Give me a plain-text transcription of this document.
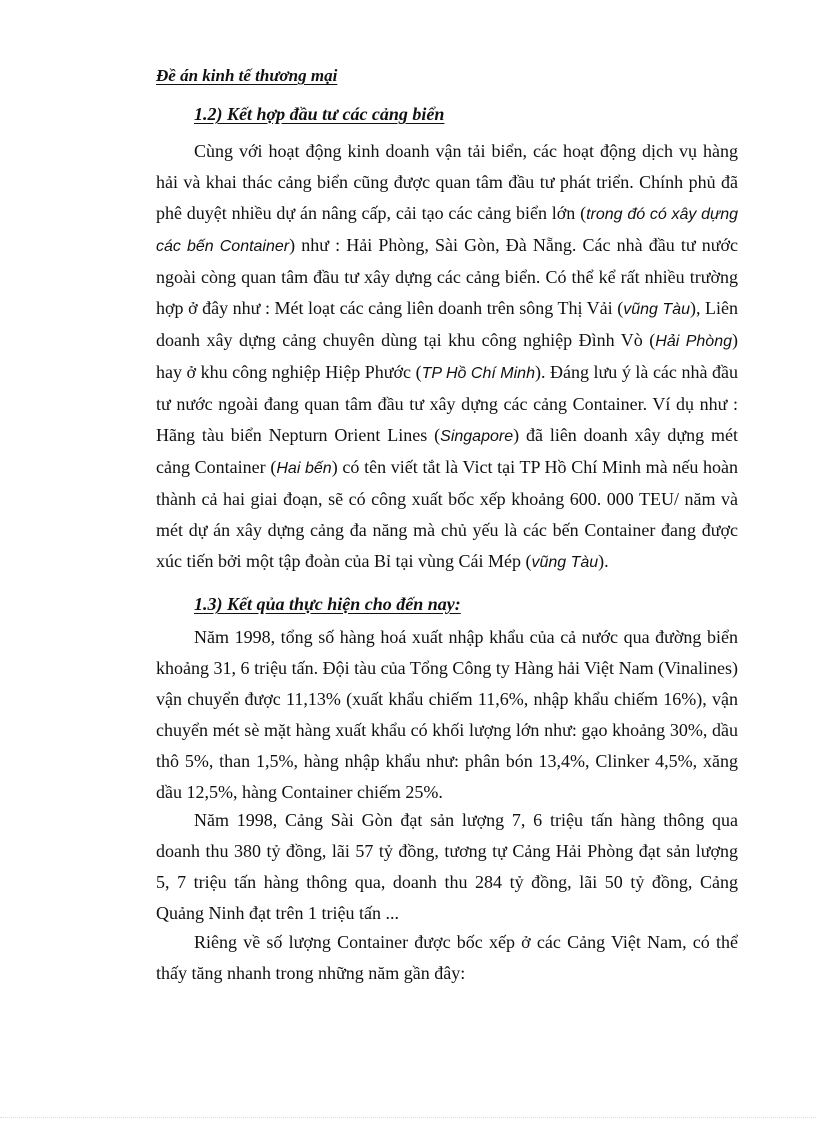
Đề án kinh tế thương mại
1.2) Kết hợp đầu tư các cảng biển

Cùng với hoạt động kinh doanh vận tải biển, các hoạt động dịch vụ hàng hải và khai thác cảng biển cũng được quan tâm đầu tư phát triển. Chính phủ đã phê duyệt nhiều dự án nâng cấp, cải tạo các cảng biển lớn (trong đó có xây dựng các bến Container) như : Hải Phòng, Sài Gòn, Đà Nẵng. Các nhà đầu tư nước ngoài còng quan tâm đầu tư xây dựng các cảng biển. Có thể kể rất nhiều trường hợp ở đây như : Mét loạt các cảng liên doanh trên sông Thị Vải (vũng Tàu), Liên doanh xây dựng cảng chuyên dùng tại khu công nghiệp Đình Vò (Hải Phòng) hay ở khu công nghiệp Hiệp Phước (TP Hồ Chí Minh). Đáng lưu ý là các nhà đầu tư nước ngoài đang quan tâm đầu tư xây dựng các cảng Container. Ví dụ như : Hãng tàu biển Nepturn Orient Lines (Singapore) đã liên doanh xây dựng mét cảng Container (Hai bến) có tên viết tắt là Vict tại TP Hồ Chí Minh mà nếu hoàn thành cả hai giai đoạn, sẽ có công xuất bốc xếp khoảng 600. 000 TEU/ năm và mét dự án xây dựng cảng đa năng mà chủ yếu là các bến Container đang được xúc tiến bởi một tập đoàn của Bỉ tại vùng Cái Mép (vũng Tàu).

1.3) Kết qủa thực hiện cho đến nay:

Năm 1998, tổng số hàng hoá xuất nhập khẩu của cả nước qua đường biển khoảng 31, 6 triệu tấn. Đội tàu của Tổng Công ty Hàng hải Việt Nam (Vinalines) vận chuyển được 11,13% (xuất khẩu chiếm 11,6%, nhập khẩu chiếm 16%), vận chuyển mét sè mặt hàng xuất khẩu có khối lượng lớn như: gạo khoảng 30%, dầu thô 5%, than 1,5%, hàng nhập khẩu như: phân bón 13,4%, Clinker 4,5%, xăng dầu 12,5%, hàng Container chiếm 25%.

Năm 1998, Cảng Sài Gòn đạt sản lượng 7, 6 triệu tấn hàng thông qua doanh thu 380 tỷ đồng, lãi 57 tỷ đồng, tương tự Cảng Hải Phòng đạt sản lượng 5, 7 triệu tấn hàng thông qua, doanh thu 284 tỷ đồng, lãi 50 tỷ đồng, Cảng Quảng Ninh đạt trên 1 triệu tấn ...

Riêng về số lượng Container được bốc xếp ở các Cảng Việt Nam, có thể thấy tăng nhanh trong những năm gần đây:
